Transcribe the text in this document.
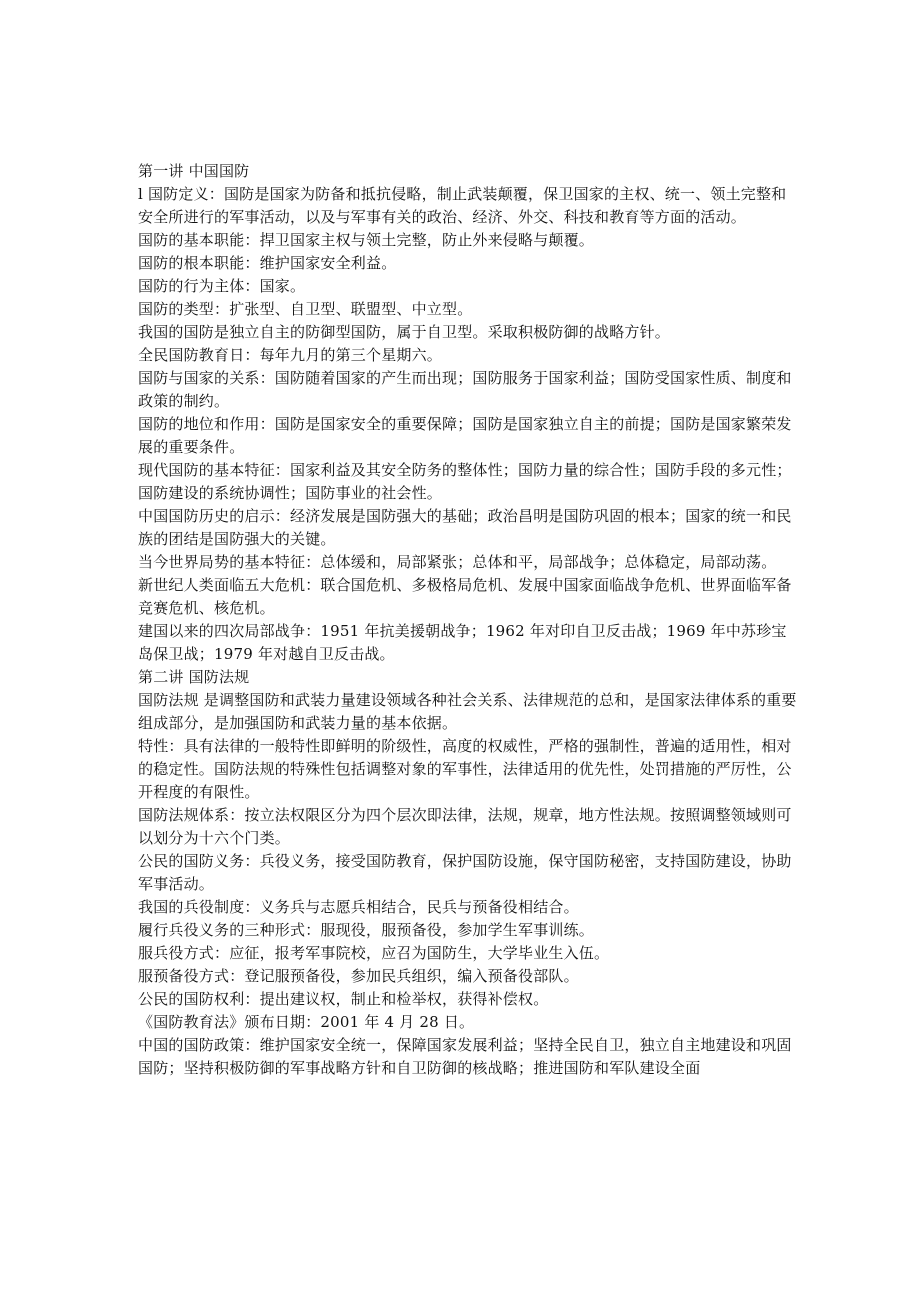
第一讲 中国国防

l 国防定义：国防是国家为防备和抵抗侵略，制止武装颠覆，保卫国家的主权、统一、领土完整和安全所进行的军事活动，以及与军事有关的政治、经济、外交、科技和教育等方面的活动。

国防的基本职能：捍卫国家主权与领土完整，防止外来侵略与颠覆。

国防的根本职能：维护国家安全利益。

国防的行为主体：国家。

国防的类型：扩张型、自卫型、联盟型、中立型。

我国的国防是独立自主的防御型国防，属于自卫型。采取积极防御的战略方针。

全民国防教育日：每年九月的第三个星期六。

国防与国家的关系：国防随着国家的产生而出现；国防服务于国家利益；国防受国家性质、制度和政策的制约。

国防的地位和作用：国防是国家安全的重要保障；国防是国家独立自主的前提；国防是国家繁荣发展的重要条件。

现代国防的基本特征：国家利益及其安全防务的整体性；国防力量的综合性；国防手段的多元性；国防建设的系统协调性；国防事业的社会性。

中国国防历史的启示：经济发展是国防强大的基础；政治昌明是国防巩固的根本；国家的统一和民族的团结是国防强大的关键。

当今世界局势的基本特征：总体缓和，局部紧张；总体和平，局部战争；总体稳定，局部动荡。

新世纪人类面临五大危机：联合国危机、多极格局危机、发展中国家面临战争危机、世界面临军备竞赛危机、核危机。

建国以来的四次局部战争：1951 年抗美援朝战争；1962 年对印自卫反击战；1969 年中苏珍宝岛保卫战；1979 年对越自卫反击战。

第二讲 国防法规

国防法规 是调整国防和武装力量建设领域各种社会关系、法律规范的总和，是国家法律体系的重要组成部分，是加强国防和武装力量的基本依据。

特性：具有法律的一般特性即鲜明的阶级性，高度的权威性，严格的强制性，普遍的适用性，相对的稳定性。国防法规的特殊性包括调整对象的军事性，法律适用的优先性，处罚措施的严厉性，公开程度的有限性。

国防法规体系：按立法权限区分为四个层次即法律，法规，规章，地方性法规。按照调整领域则可以划分为十六个门类。

公民的国防义务：兵役义务，接受国防教育，保护国防设施，保守国防秘密，支持国防建设，协助军事活动。

我国的兵役制度：义务兵与志愿兵相结合，民兵与预备役相结合。

履行兵役义务的三种形式：服现役，服预备役，参加学生军事训练。

服兵役方式：应征，报考军事院校，应召为国防生，大学毕业生入伍。

服预备役方式：登记服预备役，参加民兵组织，编入预备役部队。

公民的国防权利：提出建议权，制止和检举权，获得补偿权。

《国防教育法》颁布日期：2001 年 4 月 28 日。

中国的国防政策：维护国家安全统一，保障国家发展利益；坚持全民自卫，独立自主地建设和巩固国防；坚持积极防御的军事战略方针和自卫防御的核战略；推进国防和军队建设全面
